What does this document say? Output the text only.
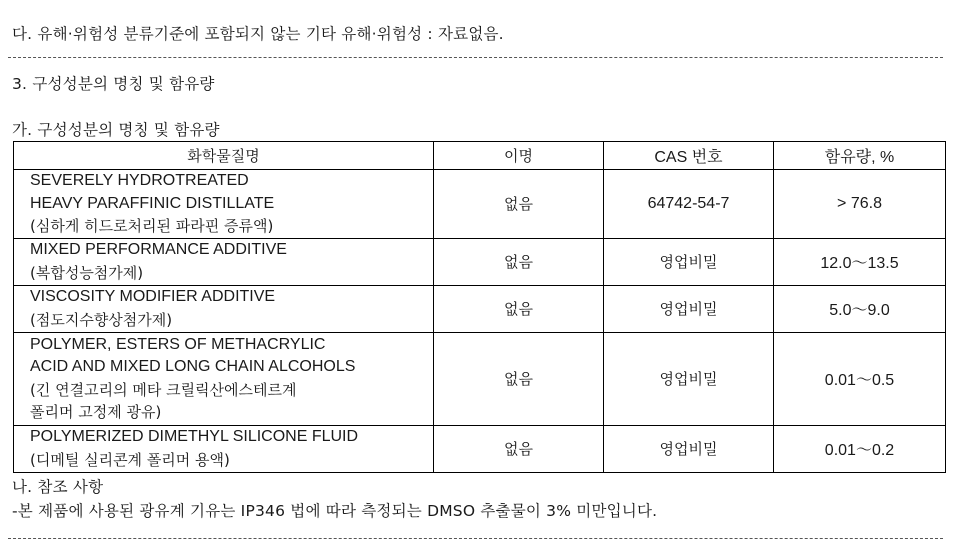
다. 유해·위험성 분류기준에 포함되지 않는 기타 유해·위험성 : 자료없음.
3. 구성성분의 명칭 및 함유량
가. 구성성분의 명칭 및 함유량
화학물질명	이명	CAS 번호	함유량, %

SEVERELY HYDROTREATED
HEAVY PARAFFINIC DISTILLATE
(심하게 히드로처리된 파라핀 증류액)	없음	64742-54-7	> 76.8

MIXED PERFORMANCE ADDITIVE
(복합성능첨가제)	없음	영업비밀	12.0～13.5

VISCOSITY MODIFIER ADDITIVE
(점도지수향상첨가제)	없음	영업비밀	5.0～9.0

POLYMER, ESTERS OF METHACRYLIC
ACID AND MIXED LONG CHAIN ALCOHOLS
(긴 연결고리의 메타 크릴릭산에스테르계
폴리머 고정제 광유)	없음	영업비밀	0.01～0.5

POLYMERIZED DIMETHYL SILICONE FLUID
(디메틸 실리콘계 폴리머 용액)	없음	영업비밀	0.01～0.2
나. 참조 사항
-본 제품에 사용된 광유계 기유는 IP346 법에 따라 측정되는 DMSO 추출물이 3% 미만입니다.
